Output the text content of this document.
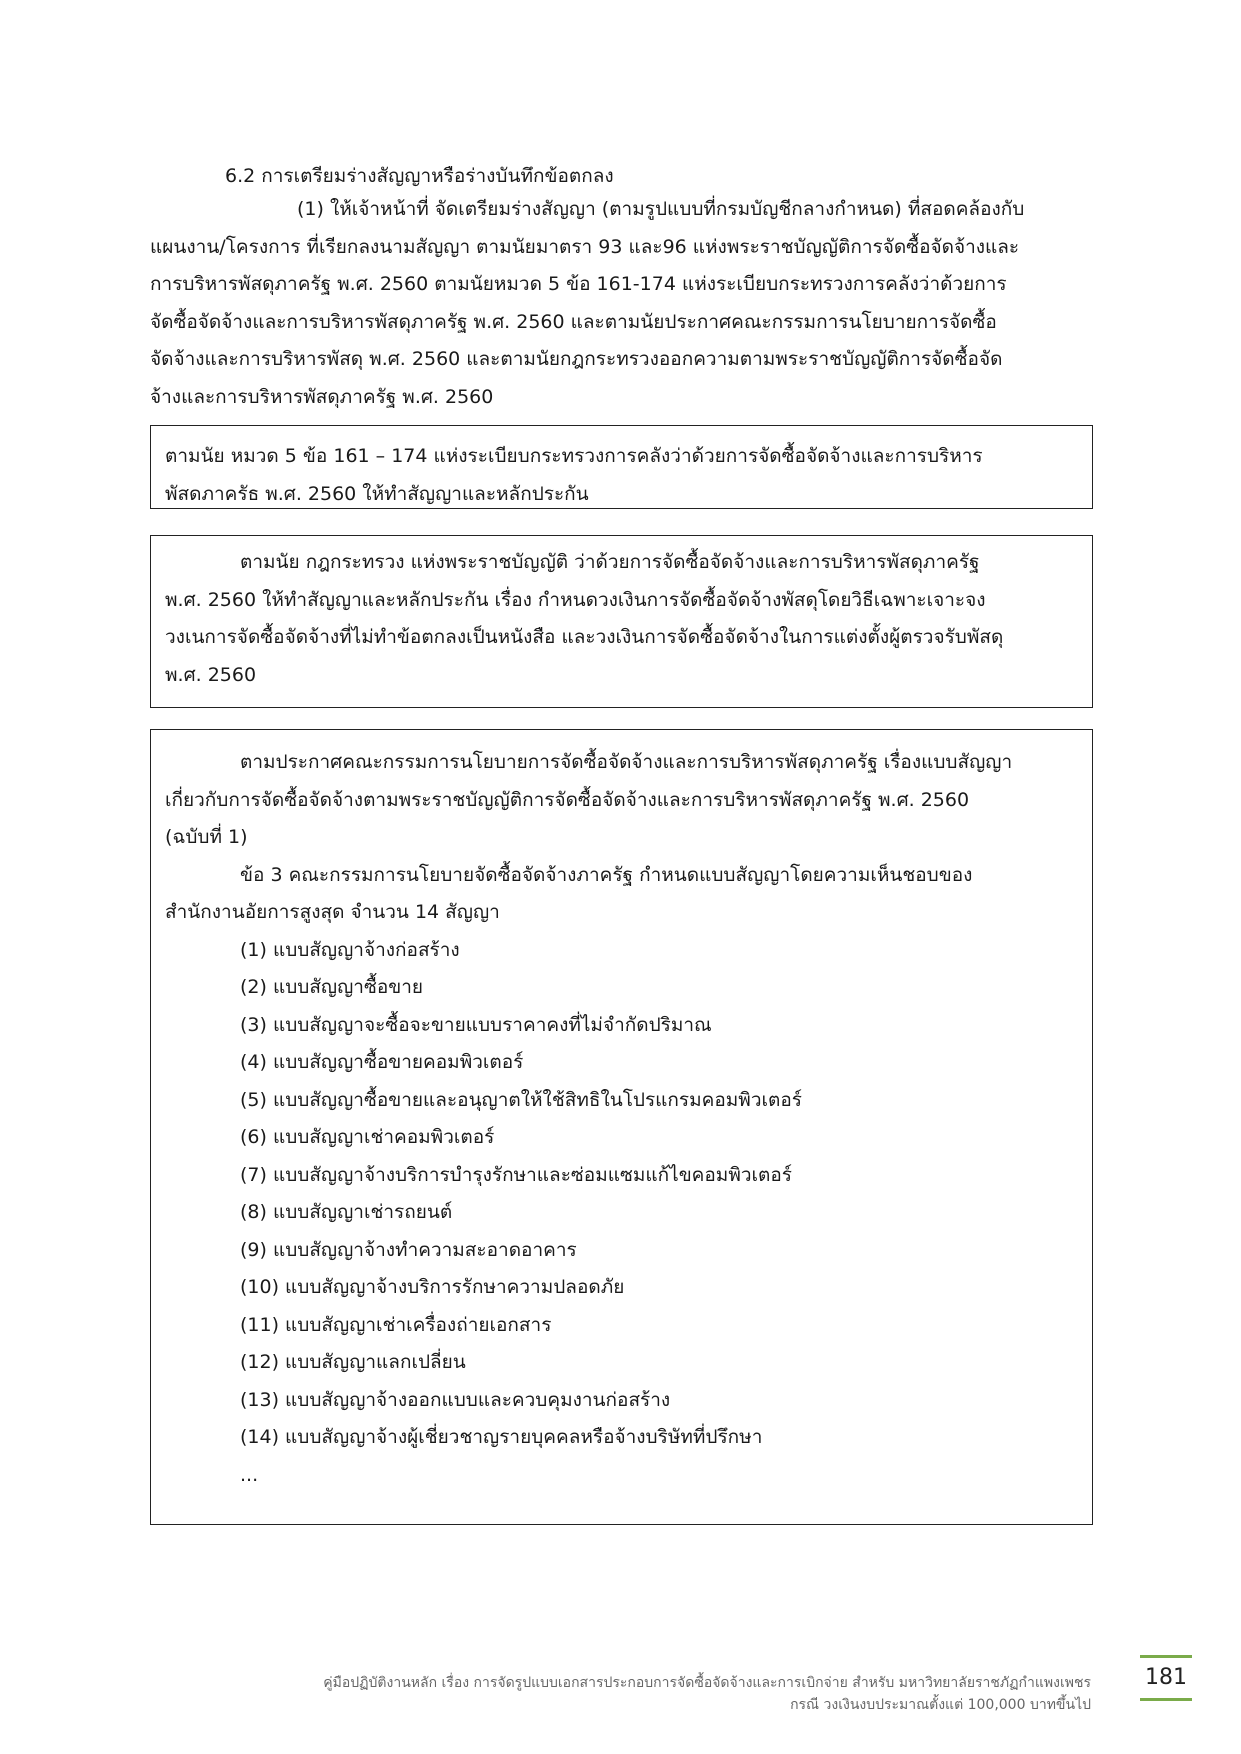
6.2 การเตรียมร่างสัญญาหรือร่างบันทึกข้อตกลง
(1) ให้เจ้าหน้าที่ จัดเตรียมร่างสัญญา (ตามรูปแบบที่กรมบัญชีกลางกำหนด) ที่สอดคล้องกับ
แผนงาน/โครงการ ที่เรียกลงนามสัญญา ตามนัยมาตรา 93 และ96 แห่งพระราชบัญญัติการจัดซื้อจัดจ้างและ
การบริหารพัสดุภาครัฐ พ.ศ. 2560 ตามนัยหมวด 5 ข้อ 161-174 แห่งระเบียบกระทรวงการคลังว่าด้วยการ
จัดซื้อจัดจ้างและการบริหารพัสดุภาครัฐ พ.ศ. 2560 และตามนัยประกาศคณะกรรมการนโยบายการจัดซื้อ
จัดจ้างและการบริหารพัสดุ พ.ศ. 2560 และตามนัยกฎกระทรวงออกความตามพระราชบัญญัติการจัดซื้อจัด
จ้างและการบริหารพัสดุภาครัฐ พ.ศ. 2560
ตามนัย หมวด 5 ข้อ 161 – 174 แห่งระเบียบกระทรวงการคลังว่าด้วยการจัดซื้อจัดจ้างและการบริหาร
พัสดภาครัธ พ.ศ. 2560 ให้ทำสัญญาและหลักประกัน
ตามนัย กฎกระทรวง แห่งพระราชบัญญัติ ว่าด้วยการจัดซื้อจัดจ้างและการบริหารพัสดุภาครัฐ
พ.ศ. 2560 ให้ทำสัญญาและหลักประกัน เรื่อง กำหนดวงเงินการจัดซื้อจัดจ้างพัสดุโดยวิธีเฉพาะเจาะจง
วงเนการจัดซื้อจัดจ้างที่ไม่ทำข้อตกลงเป็นหนังสือ และวงเงินการจัดซื้อจัดจ้างในการแต่งตั้งผู้ตรวจรับพัสดุ
พ.ศ. 2560
ตามประกาศคณะกรรมการนโยบายการจัดซื้อจัดจ้างและการบริหารพัสดุภาครัฐ เรื่องแบบสัญญา
เกี่ยวกับการจัดซื้อจัดจ้างตามพระราชบัญญัติการจัดซื้อจัดจ้างและการบริหารพัสดุภาครัฐ พ.ศ. 2560
(ฉบับที่ 1)
ข้อ 3 คณะกรรมการนโยบายจัดซื้อจัดจ้างภาครัฐ กำหนดแบบสัญญาโดยความเห็นชอบของ
สำนักงานอัยการสูงสุด จำนวน 14 สัญญา
(1) แบบสัญญาจ้างก่อสร้าง
(2) แบบสัญญาซื้อขาย
(3) แบบสัญญาจะซื้อจะขายแบบราคาคงที่ไม่จำกัดปริมาณ
(4) แบบสัญญาซื้อขายคอมพิวเตอร์
(5) แบบสัญญาซื้อขายและอนุญาตให้ใช้สิทธิในโปรแกรมคอมพิวเตอร์
(6) แบบสัญญาเช่าคอมพิวเตอร์
(7) แบบสัญญาจ้างบริการบำรุงรักษาและซ่อมแซมแก้ไขคอมพิวเตอร์
(8) แบบสัญญาเช่ารถยนต์
(9) แบบสัญญาจ้างทำความสะอาดอาคาร
(10) แบบสัญญาจ้างบริการรักษาความปลอดภัย
(11) แบบสัญญาเช่าเครื่องถ่ายเอกสาร
(12) แบบสัญญาแลกเปลี่ยน
(13) แบบสัญญาจ้างออกแบบและควบคุมงานก่อสร้าง
(14) แบบสัญญาจ้างผู้เชี่ยวชาญรายบุคคลหรือจ้างบริษัทที่ปรึกษา
...
คู่มือปฏิบัติงานหลัก เรื่อง การจัดรูปแบบเอกสารประกอบการจัดซื้อจัดจ้างและการเบิกจ่าย สำหรับ มหาวิทยาลัยราชภัฏกำแพงเพชร
กรณี วงเงินงบประมาณตั้งแต่ 100,000 บาทขึ้นไป
181
